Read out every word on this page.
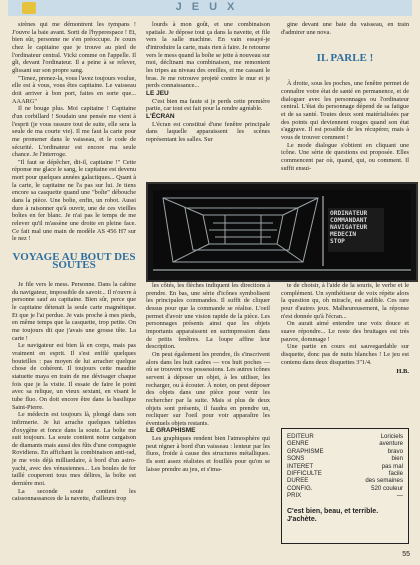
JEUX

sirènes qui me démontrent les tympans ! J'ouvre la baie avant. Sorti de l'hyperespace ! Et, bien sûr, personne ne s'en préoccupe. Je cours chez le capitaine que je trouve au pied de l'ordinateur central. Vicki comme on l'appelle. Il gît, devant l'ordinateur. Il a peine à se relever, glissant sur son propre sang.

"Tenez, prenez-la, vous l'avez toujours voulue, elle est à vous, vous êtes capitaine. Le vaisseau doit arriver à bon port, faites en sorte que... AAARG"

Il ne bouge plus. Moi capitaine ! Capitaine d'un corbillard ! Soudain une pensée me vient à l'esprit (je vous rassure tout de suite, elle sera la seule de ma courte vie). Il me faut la carte pour me promener dans le vaisseau, et le code de sécurité. L'ordinateur est encore ma seule chance. Je l'interroge.

"Il faut se dépêcher, dit-il, capitaine !" Cette réponse me glace le sang, le capitaine est devenu mort pour quelques années galactiques... Quant à la carte, le capitaine ne l'a pas sur lui. Je tiens encore sa casquette quand une "boîte" débouche dans la pièce. Une boîte, enfin, un robot. Aussi dure à raisonner qu'à ouvrir, une de ces vieilles boîtes en fer blanc. Je n'ai pas le temps de me relever qu'il m'assène une droite en pleine face. Ce fait mal une main de modèle AS 456 H7 sur le nez !

VOYAGE AU BOUT DES SOUTES

Je file vers le mess. Personne. Dans la cabine du navigateur, impossible de savoir... Il n'ouvre à personne sauf au capitaine. Bien sûr, perce que le capitaine détenait la seule carte magnétique. Et que je l'ai perdue. Je vais proche à mes pieds, en même temps que la casquette, trop petite. On me toujours dit que j'avais une grosse tête. La carte !

Le navigateur est bien là en corps, mais pas vraiment en esprit. Il s'est enfilé quelques bouteilles : pas moyen de lui arracher quelque chose de cohérent. Il toujours cette maudite statuette maya en train de me dévisager chaque fois que je la visite. Il essaie de faire le point avec sa relique, un vieux sextant, en visant le tube fluo. On doit encore être dans la basilique Saint-Pierre.

Le médecin est toujours là, plongé dans son infirmerie. Je lui arrache quelques tablettes d'oxygène et fonce dans la soute. La boîte me suit toujours. La soute contient notre cargaison de diamants mais aussi des fûts d'une compagnie Rovidiens. En affichant la combinaison anti-rad, je me vois déjà milliardaire, à bord d'un astro-yacht, avec des vénusiennes... Les boules de fer taillé couperont tous mes délires, la boîte est dernière moi.

La seconde soute contient les caissonnassances de la navette, d'ailleurs trop

lourds à mon goût, et une combinaison spatiale. Je dépose tout ça dans la navette, et file vers la salle machine. En vain essayé-je d'introduire la carte, mais rien à faire. Je retourne vers le mess quand la boîte se jette à nouveau sur moi, déclinant ma combinaison, me remontent les tripes au niveau des oreilles, et me cassant le bras. Je me retrouve projeté contre le mur et je perds connaissance...

LE JEU

C'est bien ma faute si je perds cette première partie, car tout est fait pour la rendre agréable.

L'ÉCRAN

L'écran est constitué d'une fenêtre principale dans laquelle apparaissent les scènes représentant les salles. Sur

gine devant une baie du vaisseau, en train d'admirer une nova.

IL PARLE !

À droite, sous les poches, une fenêtre permet de connaître votre état de santé en permanence, et de dialoguer avec les personnages ou l'ordinateur central. L'état du personnage dépend de sa fatigue et de sa santé. Toutes deux sont matérialisées par des points qui deviennent rouges quand son état s'aggrave. Il est possible de les récupérer, mais à vous de trouver comment !

Le mode dialogue s'obtient en cliquant une icône. Une série de questions est proposée. Elles commencent par où, quand, qui, ou comment. Il suffit ensui-

ORDINATEUR
COMMANDANT
NAVIGATEUR
MEDECIN
STOP

les côtés, les flèches indiquent les directions à prendre. En bas, une série d'icônes symbolisent les principales commandes. Il suffit de cliquer dessus pour que la commande se réalise. L'oeil permet d'avoir une vision rapide de la pièce. Les personnages présents ainsi que les objets importants apparaissent en surimpression dans de petits fenêtres. La loupe affine leur description.

On peut également les prendre, ils s'inscrivent alors dans les huit cadres — vos huit poches — où se trouvent vos possessions. Les autres icônes servent à déposer un objet, à les utiliser, les recharger, ou à écouter. À noter, on peut déposer des objets dans une pièce pour venir les rechercher par la suite. Mais si plus de deux objets sont présents, il faudra en prendre un, recliquer sur l'oeil pour voir apparaître les éventuels objets restants.

LE GRAPHISME

Les graphiques rendent bien l'atmosphère qui peut régner à bord d'un vaisseau : lenteur par les fluos, froide à cause des structures métalliques. Ils sont assez réalistes et fouillés pour qu'on se laisse prendre au jeu, et s'ima-

te de choisir, à l'aide de la souris, le verbe et le complément. Un synthétiseur de voix répète alors la question qu, oh miracle, est audible. Ces rare pour d'autres jeux. Malheureusement, la réponse n'est donnée qu'à l'écran...

On aurait aimé entendre une voix douce et suave répondre... Le reste des bruitages est très pauvre, dommage !

Une partie en cours est sauvegardable sur disquette, donc pas de nuits blanches ! Le jeu est contenu dans deux disquettes 3"1/4.

H.B.
EDITEUR	Loriciels
GENRE	aventure
GRAPHISME	bravo
SONS	bien
INTERET	pas mal
DIFFICULTE	facile
DUREE	des semaines
CONFIG.	520 couleur
PRIX	—
C'est bien, beau, et terrible. J'achète.
55
